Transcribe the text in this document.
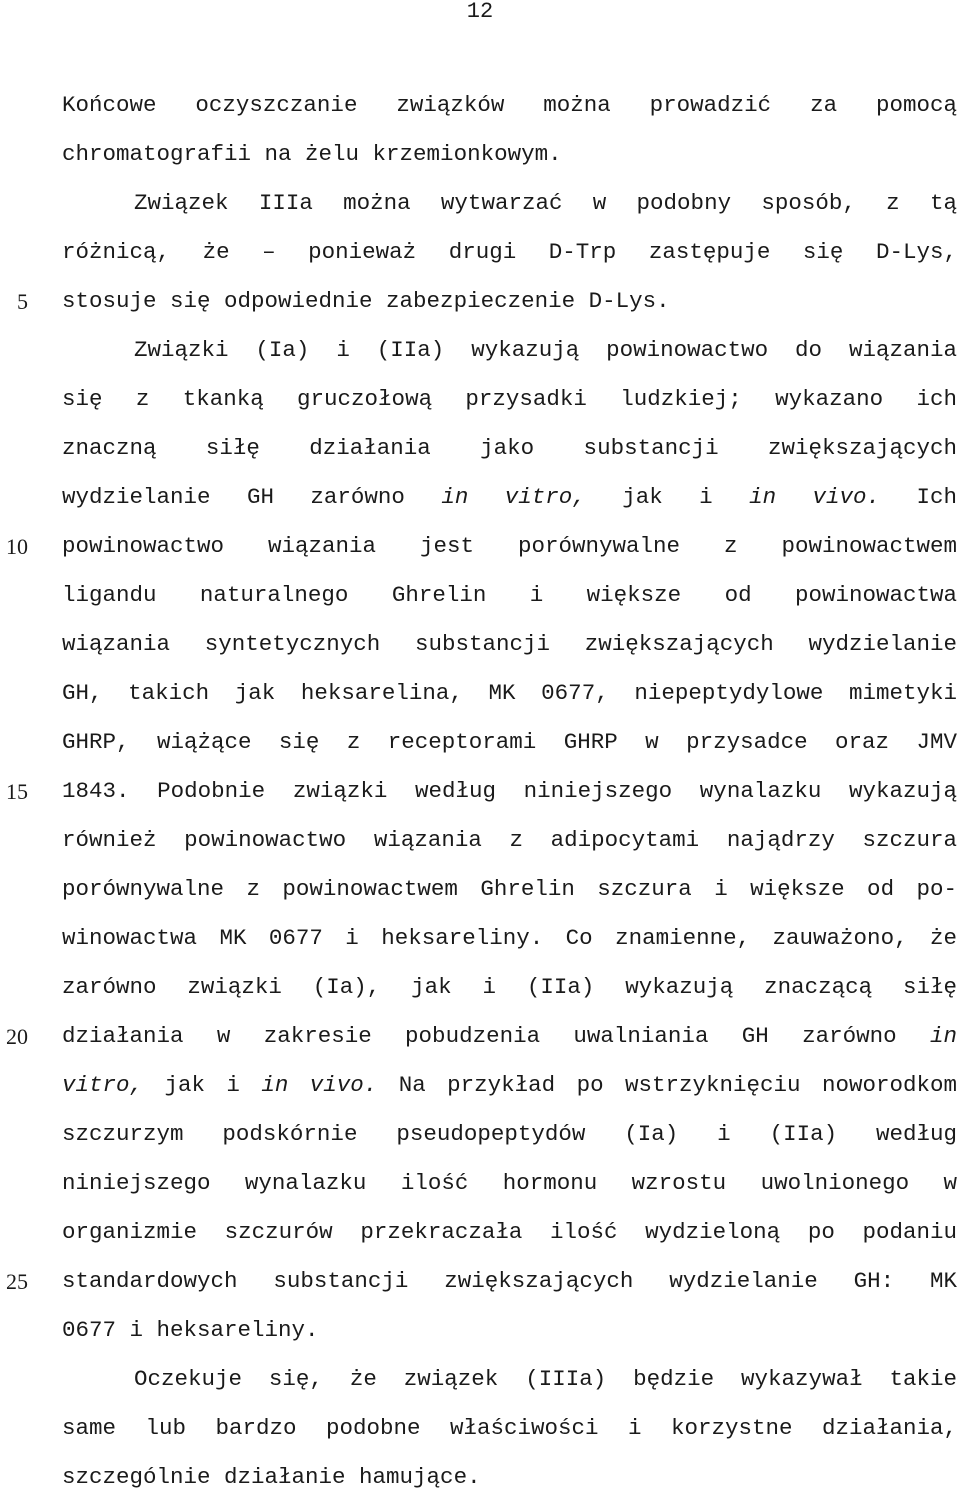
12
5
10
15
20
25
Końcowe oczyszczanie związków można prowadzić za pomocą
chromatografii na żelu krzemionkowym.
Związek IIIa można wytwarzać w podobny sposób, z tą
różnicą, że – ponieważ drugi D-Trp zastępuje się D-Lys,
stosuje się odpowiednie zabezpieczenie D-Lys.
Związki (Ia) i (IIa) wykazują powinowactwo do wiązania
się z tkanką gruczołową przysadki ludzkiej; wykazano ich
znaczną siłę działania jako substancji zwiększających
wydzielanie GH zarówno in vitro, jak i in vivo. Ich
powinowactwo wiązania jest porównywalne z powinowactwem
ligandu naturalnego Ghrelin i większe od powinowactwa
wiązania syntetycznych substancji zwiększających wydzielanie
GH, takich jak heksarelina, MK 0677, niepeptydylowe mimetyki
GHRP, wiążące się z receptorami GHRP w przysadce oraz JMV
1843. Podobnie związki według niniejszego wynalazku wykazują
również powinowactwo wiązania z adipocytami najądrzy szczura
porównywalne z powinowactwem Ghrelin szczura i większe od po-
winowactwa MK 0677 i heksareliny. Co znamienne, zauważono, że
zarówno związki (Ia), jak i (IIa) wykazują znaczącą siłę
działania w zakresie pobudzenia uwalniania GH zarówno in
vitro, jak i in vivo. Na przykład po wstrzyknięciu noworodkom
szczurzym podskórnie pseudopeptydów (Ia) i (IIa) według
niniejszego wynalazku ilość hormonu wzrostu uwolnionego w
organizmie szczurów przekraczała ilość wydzieloną po podaniu
standardowych substancji zwiększających wydzielanie GH: MK
0677 i heksareliny.
Oczekuje się, że związek (IIIa) będzie wykazywał takie
same lub bardzo podobne właściwości i korzystne działania,
szczególnie działanie hamujące.
